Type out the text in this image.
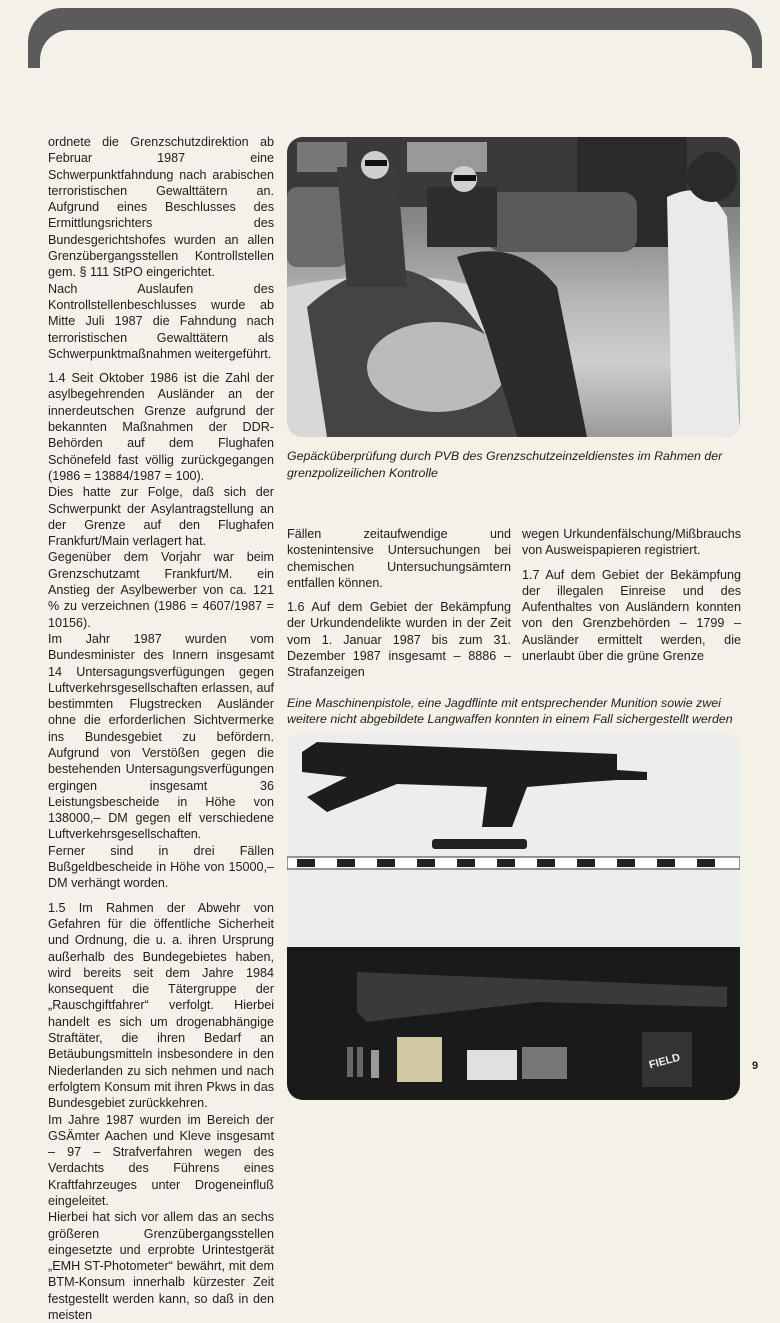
ordnete die Grenzschutzdirektion ab Februar 1987 eine Schwerpunktfahndung nach arabischen terroristischen Gewalttätern an. Aufgrund eines Beschlusses des Ermittlungsrichters des Bundesgerichtshofes wurden an allen Grenzübergangsstellen Kontrollstellen gem. § 111 StPO eingerichtet.

Nach Auslaufen des Kontrollstellenbeschlusses wurde ab Mitte Juli 1987 die Fahndung nach terroristischen Gewalttätern als Schwerpunktmaßnahmen weitergeführt.

1.4 Seit Oktober 1986 ist die Zahl der asylbegehrenden Ausländer an der innerdeutschen Grenze aufgrund der bekannten Maßnahmen der DDR-Behörden auf dem Flughafen Schönefeld fast völlig zurückgegangen (1986 = 13884/1987 = 100).

Dies hatte zur Folge, daß sich der Schwerpunkt der Asylantragstellung an der Grenze auf den Flughafen Frankfurt/Main verlagert hat.

Gegenüber dem Vorjahr war beim Grenzschutzamt Frankfurt/M. ein Anstieg der Asylbewerber von ca. 121 % zu verzeichnen (1986 = 4607/1987 = 10156).

Im Jahr 1987 wurden vom Bundesminister des Innern insgesamt 14 Untersagungsverfügungen gegen Luftverkehrsgesellschaften erlassen, auf bestimmten Flugstrecken Ausländer ohne die erforderlichen Sichtvermerke ins Bundesgebiet zu befördern. Aufgrund von Verstößen gegen die bestehenden Untersagungsverfügungen ergingen insgesamt 36 Leistungsbescheide in Höhe von 138000,– DM gegen elf verschiedene Luftverkehrsgesellschaften.

Ferner sind in drei Fällen Bußgeldbescheide in Höhe von 15000,– DM verhängt worden.

1.5 Im Rahmen der Abwehr von Gefahren für die öffentliche Sicherheit und Ordnung, die u. a. ihren Ursprung außerhalb des Bundegebietes haben, wird bereits seit dem Jahre 1984 konsequent die Tätergruppe der „Rauschgiftfahrer“ verfolgt. Hierbei handelt es sich um drogenabhängige Straftäter, die ihren Bedarf an Betäubungsmitteln insbesondere in den Niederlanden zu sich nehmen und nach erfolgtem Konsum mit ihren Pkws in das Bundesgebiet zurückkehren.

Im Jahre 1987 wurden im Bereich der GSÄmter Aachen und Kleve insgesamt – 97 – Strafverfahren wegen des Verdachts des Führens eines Kraftfahrzeuges unter Drogeneinfluß eingeleitet.

Hierbei hat sich vor allem das an sechs größeren Grenzübergangsstellen eingesetzte und erprobte Urintestgerät „EMH ST-Photometer“ bewährt, mit dem BTM-Konsum innerhalb kürzester Zeit festgestellt werden kann, so daß in den meisten

Gepäcküberprüfung durch PVB des Grenzschutzeinzeldienstes im Rahmen der grenzpolizeilichen Kontrolle

Fällen zeitaufwendige und kostenintensive Untersuchungen bei chemischen Untersuchungsämtern entfallen können.

1.6 Auf dem Gebiet der Bekämpfung der Urkundendelikte wurden in der Zeit vom 1. Januar 1987 bis zum 31. Dezember 1987 insgesamt – 8886 – Strafanzeigen

wegen Urkundenfälschung/Mißbrauchs von Ausweispapieren registriert.

1.7 Auf dem Gebiet der Bekämpfung der illegalen Einreise und des Aufenthaltes von Ausländern konnten von den Grenzbehörden – 1799 – Ausländer ermittelt werden, die unerlaubt über die grüne Grenze

Eine Maschinenpistole, eine Jagdflinte mit entsprechender Munition sowie zwei weitere nicht abgebildete Langwaffen konnten in einem Fall sichergestellt werden
FIELD	9
